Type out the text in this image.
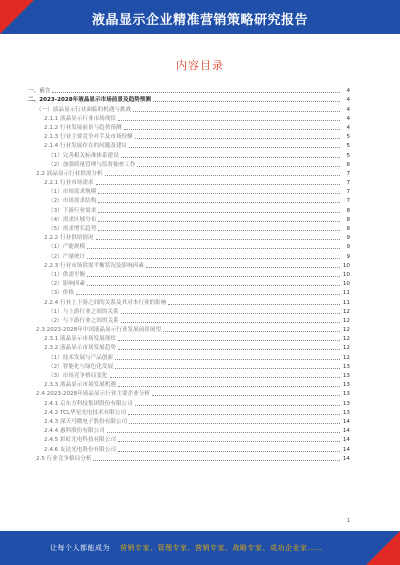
液晶显示企业精准营销策略研究报告
内容目录
一、前言	4
二、2023-2028年液晶显示市场前景及趋势预测	4
（一）液晶显示行业面临的机遇与挑战	4
2.1.1 液晶显示行业市场现状	4
2.1.2 行业发展前景与趋势预测	4
2.1.3 行业主要竞争对手及市场份额	5
2.1.4 行业发展存在的问题及建议	5
（1）完善相关标准体系建设	5
（2）加强质量管理与监督抽查工作	6
2.2 液晶显示行业供需分析	7
2.2.1 行业市场需求	7
（1）市场需求规模	7
（2）市场需求结构	7
（3）下游行业需求	8
（4）需求区域分布	8
（5）需求增长趋势	8
2.2.2 行业供给情况	9
（1）产能规模	9
（2）产量统计	9
2.2.3 行业市场供需平衡状况及影响因素	10
（1）供需平衡	10
（2）影响因素	10
（3）价格	11
2.2.4 行业上下游之间的关系及其对本行业的影响	11
（1）与上游行业之间的关系	12
（2）与下游行业之间的关系	12
2.3 2023-2028年中国液晶显示行业发展前景展望	12
2.3.1 液晶显示市场发展现状	12
2.3.2 液晶显示市场发展趋势	12
（1）技术发展与产品创新	12
（2）智能化与绿色化发展	13
（3）市场竞争格局变化	13
2.3.3 液晶显示市场发展机遇	13
2.4 2023-2028年液晶显示行业主要企业分析	13
2.4.1 京东方科技集团股份有限公司	13
2.4.2 TCL华星光电技术有限公司	13
2.4.3 深天马微电子股份有限公司	14
2.4.4 惠科股份有限公司	14
2.4.5 彩虹光电科技有限公司	14
2.4.6 友达光电股份有限公司	14
2.5 行业竞争格局分析	14
1
让每个人都能成为 营销专家、管理专家、营销专家、战略专家、成功企业家……
